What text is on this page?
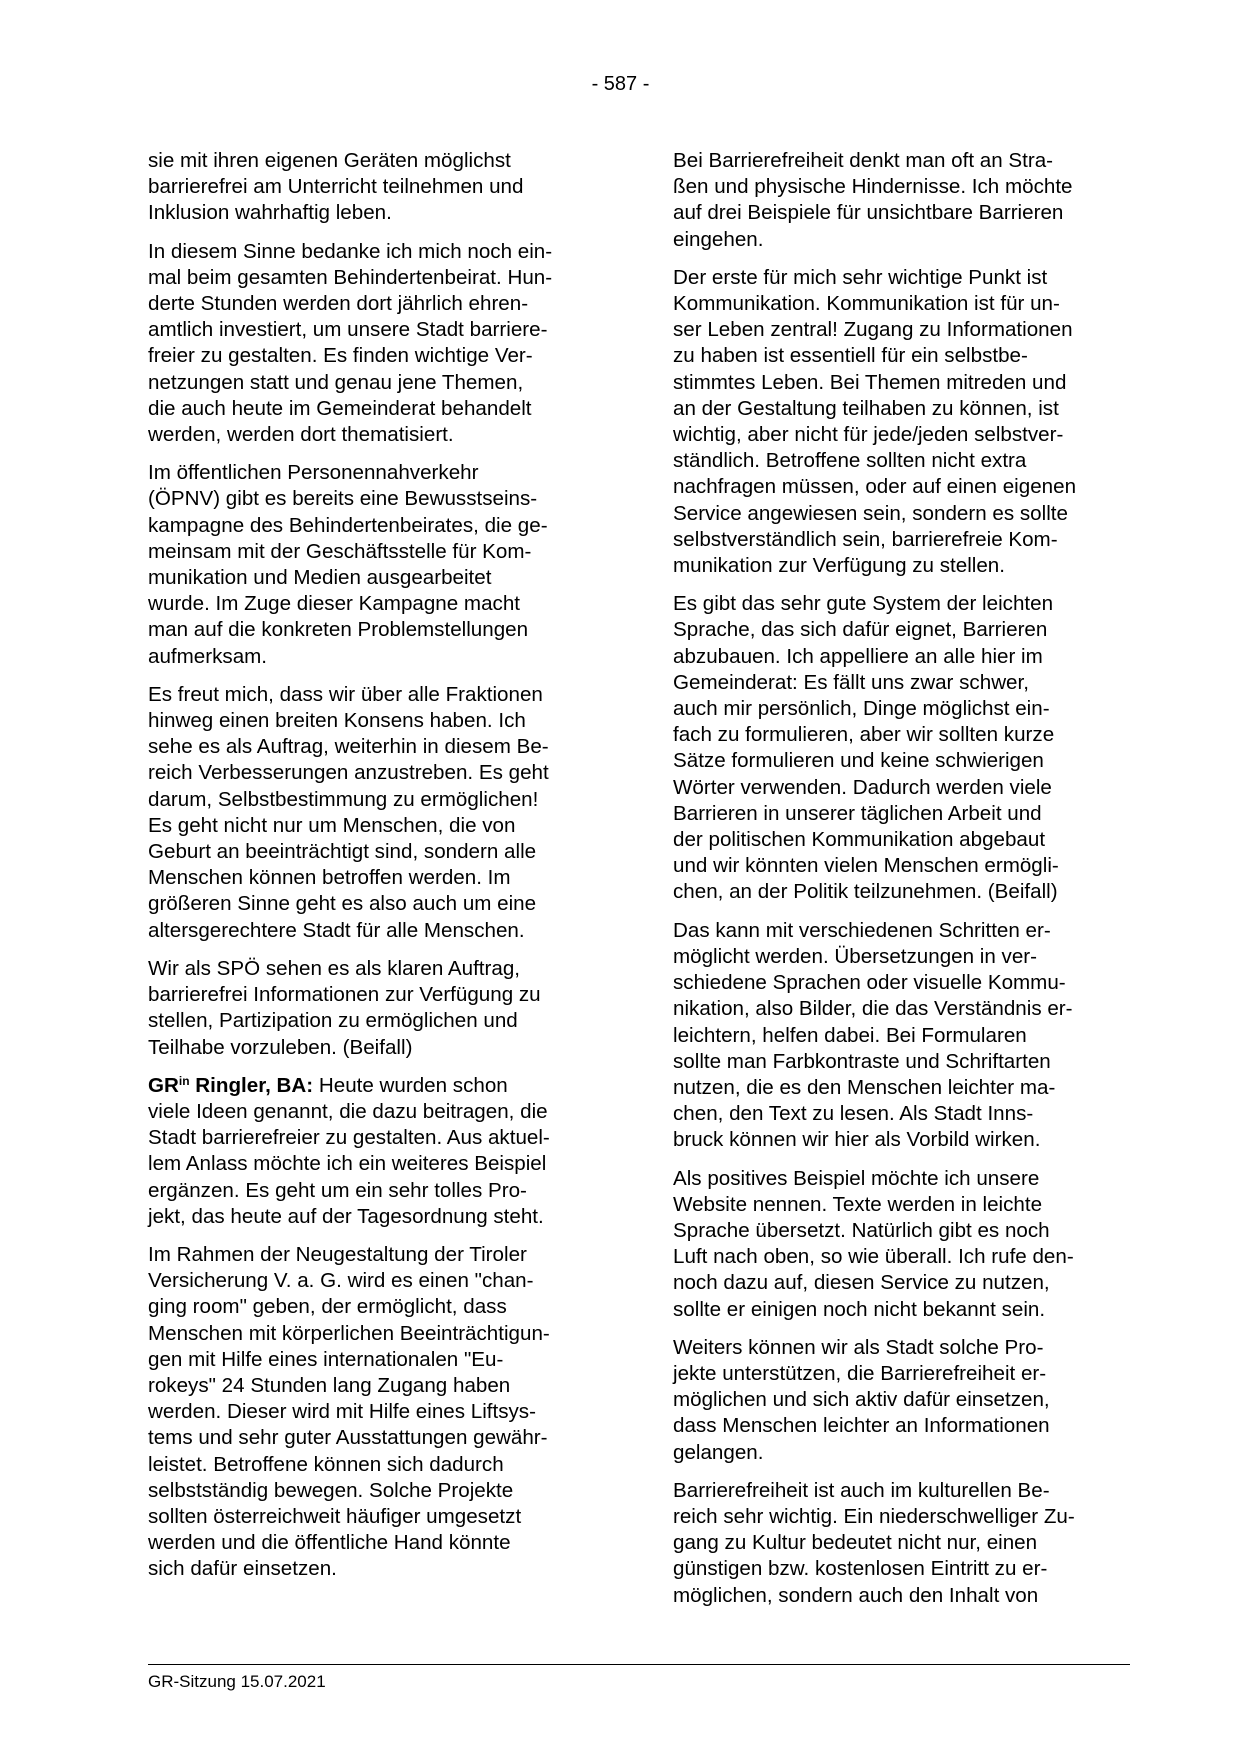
- 587 -

sie mit ihren eigenen Geräten möglichst
barrierefrei am Unterricht teilnehmen und
Inklusion wahrhaftig leben.

In diesem Sinne bedanke ich mich noch ein-
mal beim gesamten Behindertenbeirat. Hun-
derte Stunden werden dort jährlich ehren-
amtlich investiert, um unsere Stadt barriere-
freier zu gestalten. Es finden wichtige Ver-
netzungen statt und genau jene Themen,
die auch heute im Gemeinderat behandelt
werden, werden dort thematisiert.

Im öffentlichen Personennahverkehr
(ÖPNV) gibt es bereits eine Bewusstseins-
kampagne des Behindertenbeirates, die ge-
meinsam mit der Geschäftsstelle für Kom-
munikation und Medien ausgearbeitet
wurde. Im Zuge dieser Kampagne macht
man auf die konkreten Problemstellungen
aufmerksam.

Es freut mich, dass wir über alle Fraktionen
hinweg einen breiten Konsens haben. Ich
sehe es als Auftrag, weiterhin in diesem Be-
reich Verbesserungen anzustreben. Es geht
darum, Selbstbestimmung zu ermöglichen!
Es geht nicht nur um Menschen, die von
Geburt an beeinträchtigt sind, sondern alle
Menschen können betroffen werden. Im
größeren Sinne geht es also auch um eine
altersgerechtere Stadt für alle Menschen.

Wir als SPÖ sehen es als klaren Auftrag,
barrierefrei Informationen zur Verfügung zu
stellen, Partizipation zu ermöglichen und
Teilhabe vorzuleben. (Beifall)

$GR^{in}$ Ringler, BA: Heute wurden schon
viele Ideen genannt, die dazu beitragen, die
Stadt barrierefreier zu gestalten. Aus aktuel-
lem Anlass möchte ich ein weiteres Beispiel
ergänzen. Es geht um ein sehr tolles Pro-
jekt, das heute auf der Tagesordnung steht.

Im Rahmen der Neugestaltung der Tiroler
Versicherung V. a. G. wird es einen "chan-
ging room" geben, der ermöglicht, dass
Menschen mit körperlichen Beeinträchtigun-
gen mit Hilfe eines internationalen "Eu-
rokeys" 24 Stunden lang Zugang haben
werden. Dieser wird mit Hilfe eines Liftsys-
tems und sehr guter Ausstattungen gewähr-
leistet. Betroffene können sich dadurch
selbstständig bewegen. Solche Projekte
sollten österreichweit häufiger umgesetzt
werden und die öffentliche Hand könnte
sich dafür einsetzen.

Bei Barrierefreiheit denkt man oft an Stra-
ßen und physische Hindernisse. Ich möchte
auf drei Beispiele für unsichtbare Barrieren
eingehen.

Der erste für mich sehr wichtige Punkt ist
Kommunikation. Kommunikation ist für un-
ser Leben zentral! Zugang zu Informationen
zu haben ist essentiell für ein selbstbe-
stimmtes Leben. Bei Themen mitreden und
an der Gestaltung teilhaben zu können, ist
wichtig, aber nicht für jede/jeden selbstver-
ständlich. Betroffene sollten nicht extra
nachfragen müssen, oder auf einen eigenen
Service angewiesen sein, sondern es sollte
selbstverständlich sein, barrierefreie Kom-
munikation zur Verfügung zu stellen.

Es gibt das sehr gute System der leichten
Sprache, das sich dafür eignet, Barrieren
abzubauen. Ich appelliere an alle hier im
Gemeinderat: Es fällt uns zwar schwer,
auch mir persönlich, Dinge möglichst ein-
fach zu formulieren, aber wir sollten kurze
Sätze formulieren und keine schwierigen
Wörter verwenden. Dadurch werden viele
Barrieren in unserer täglichen Arbeit und
der politischen Kommunikation abgebaut
und wir könnten vielen Menschen ermögli-
chen, an der Politik teilzunehmen. (Beifall)

Das kann mit verschiedenen Schritten er-
möglicht werden. Übersetzungen in ver-
schiedene Sprachen oder visuelle Kommu-
nikation, also Bilder, die das Verständnis er-
leichtern, helfen dabei. Bei Formularen
sollte man Farbkontraste und Schriftarten
nutzen, die es den Menschen leichter ma-
chen, den Text zu lesen. Als Stadt Inns-
bruck können wir hier als Vorbild wirken.

Als positives Beispiel möchte ich unsere
Website nennen. Texte werden in leichte
Sprache übersetzt. Natürlich gibt es noch
Luft nach oben, so wie überall. Ich rufe den-
noch dazu auf, diesen Service zu nutzen,
sollte er einigen noch nicht bekannt sein.

Weiters können wir als Stadt solche Pro-
jekte unterstützen, die Barrierefreiheit er-
möglichen und sich aktiv dafür einsetzen,
dass Menschen leichter an Informationen
gelangen.

Barrierefreiheit ist auch im kulturellen Be-
reich sehr wichtig. Ein niederschwelliger Zu-
gang zu Kultur bedeutet nicht nur, einen
günstigen bzw. kostenlosen Eintritt zu er-
möglichen, sondern auch den Inhalt von

GR-Sitzung 15.07.2021
